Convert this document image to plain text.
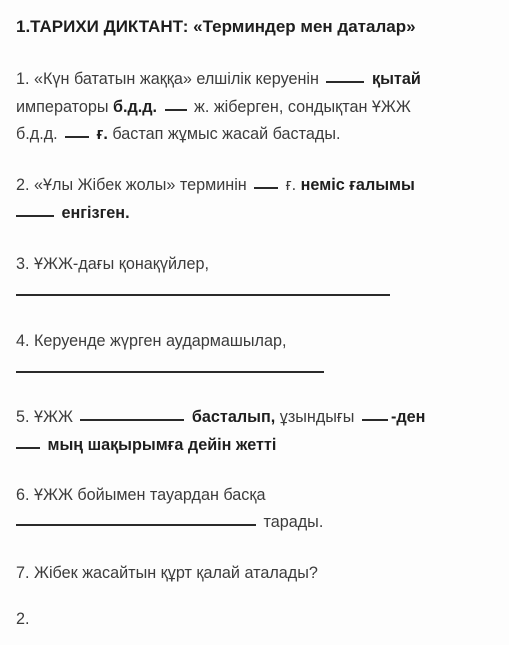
1.ТАРИХИ ДИКТАНТ: «Терминдер мен даталар»
1. «Күн бататын жаққа» елшілік керуенін	қытай
императоры б.д.д. ж. жіберген, сондықтан ҰЖЖ
б.д.д. ғ. бастап жұмыс жасай бастады.
2. «Ұлы Жібек жолы» терминін ғ. неміс ғалымы
енгізген.
3. ҰЖЖ-дағы қонақүйлер,
4. Керуенде жүрген аудармашылар,
5. ҰЖЖ	басталып, ұзындығы -ден
мың шақырымға дейін жетті
6. ҰЖЖ бойымен тауардан басқа
тарады.
7. Жібек жасайтын құрт қалай аталады?
2.
